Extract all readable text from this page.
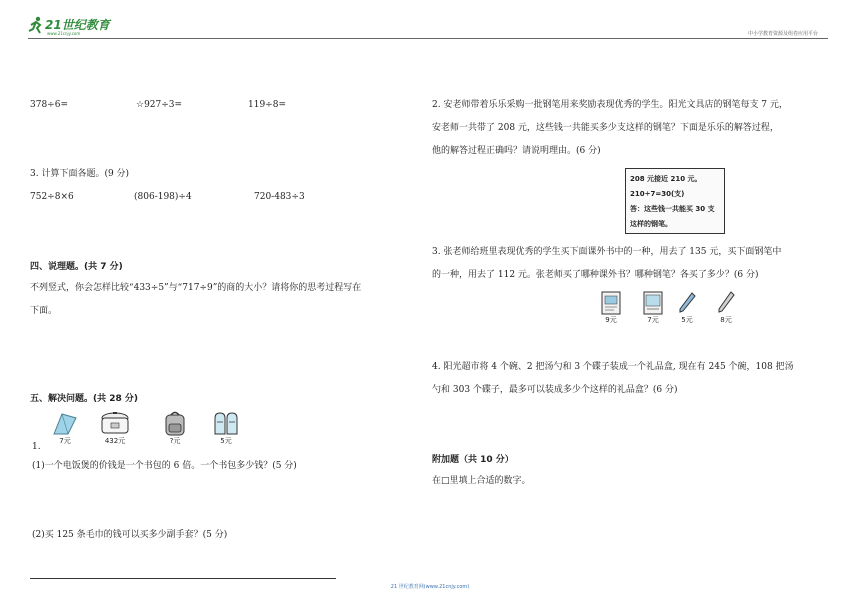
21世纪教育
www.21cnjy.com	中小学教育资源及组卷应用平台
378÷6=	☆927÷3=	119÷8=
3. 计算下面各题。(9 分)
752÷8×6	(806-198)÷4	720-483÷3
四、说理题。(共 7 分)
不列竖式，你会怎样比较“433÷5”与“717÷9”的商的大小？请将你的思考过程写在
下面。
五、解决问题。(共 28 分)
7元	432元	?元	5元
1.
(1)一个电饭煲的价钱是一个书包的 6 倍。一个书包多少钱？(5 分)
(2)买 125 条毛巾的钱可以买多少副手套？(5 分)
2. 安老师带着乐乐采购一批钢笔用来奖励表现优秀的学生。阳光文具店的钢笔每支 7 元，
安老师一共带了 208 元，这些钱一共能买多少支这样的钢笔？下面是乐乐的解答过程，
他的解答过程正确吗？请说明理由。(6 分)
208 元接近 210 元。
210÷7=30(支)
答：这些钱一共能买 30 支
这样的钢笔。
3. 张老师给班里表现优秀的学生买下面课外书中的一种，用去了 135 元，买下面钢笔中
的一种，用去了 112 元。张老师买了哪种课外书？哪种钢笔？各买了多少？(6 分)
9元	7元	5元	8元
4. 阳光超市将 4 个碗、2 把汤勺和 3 个碟子装成一个礼品盒, 现在有 245 个碗，108 把汤
勺和 303 个碟子，最多可以装成多少个这样的礼品盒？(6 分)
附加题（共 10 分）
在□里填上合适的数字。
21 世纪教育网(www.21cnjy.com)
